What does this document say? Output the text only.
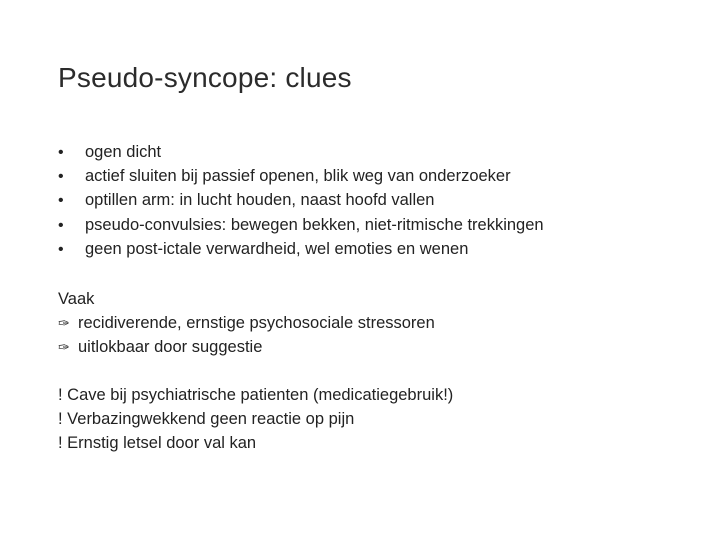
Pseudo-syncope: clues
•	ogen dicht
•	actief sluiten bij passief openen, blik weg van onderzoeker
•	optillen arm: in lucht houden, naast hoofd vallen
•	pseudo-convulsies: bewegen bekken, niet-ritmische trekkingen
•	geen post-ictale verwardheid, wel emoties en wenen
Vaak
✑ recidiverende, ernstige psychosociale stressoren
✑ uitlokbaar door suggestie
! Cave bij psychiatrische patienten (medicatiegebruik!)
! Verbazingwekkend geen reactie op pijn
! Ernstig letsel door val kan
